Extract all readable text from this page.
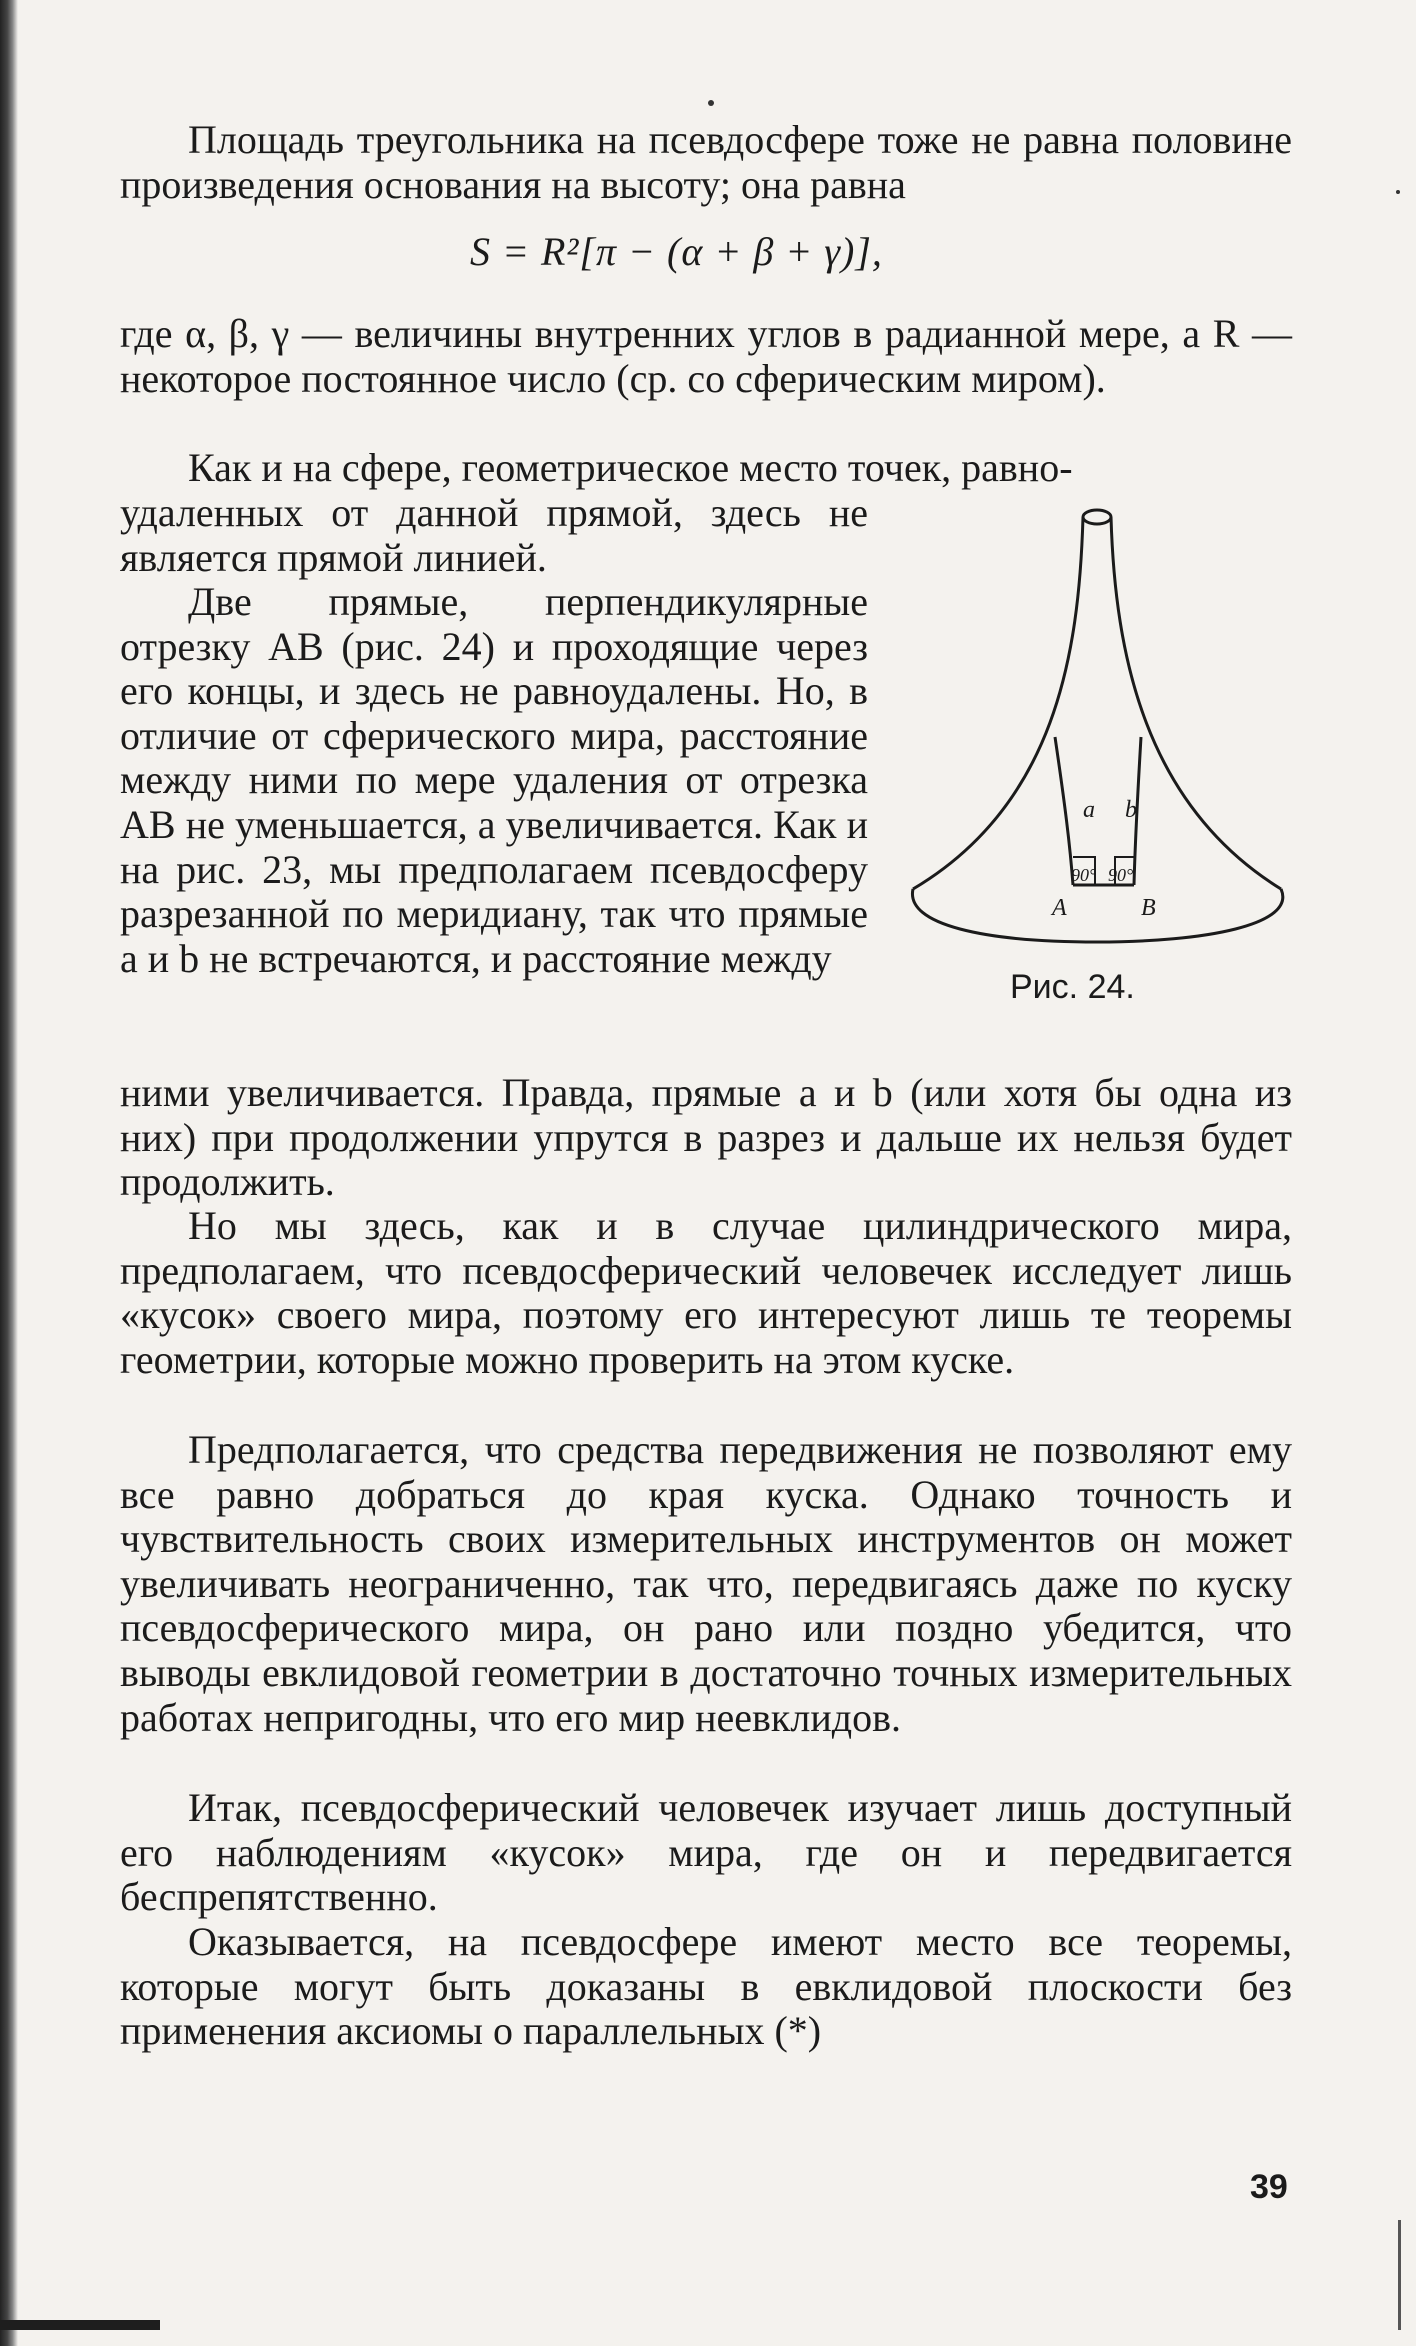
Площадь треугольника на псевдосфере тоже не равна половине произведения основания на высоту; она равна

S = R²[π − (α + β + γ)],

где α, β, γ — величины внутренних углов в радианной мере, а R — некоторое постоянное число (ср. со сферическим миром).

Как и на сфере, геометрическое место точек, равно-

удаленных от данной прямой, здесь не является прямой линией.

Две прямые, перпендикулярные отрезку AB (рис. 24) и проходящие через его концы, и здесь не равноудалены. Но, в отличие от сферического мира, расстояние между ними по мере удаления от отрезка AB не уменьшается, а увеличивается. Как и на рис. 23, мы предполагаем псевдосферу разрезанной по меридиану, так что прямые a и b не встречаются, и расстояние между

ними увеличивается. Правда, прямые a и b (или хотя бы одна из них) при продолжении упрутся в разрез и дальше их нельзя будет продолжить.

Но мы здесь, как и в случае цилиндрического мира, предполагаем, что псевдосферический человечек исследует лишь «кусок» своего мира, поэтому его интересуют лишь те теоремы геометрии, которые можно проверить на этом куске.

Предполагается, что средства передвижения не позволяют ему все равно добраться до края куска. Однако точность и чувствительность своих измерительных инструментов он может увеличивать неограниченно, так что, передвигаясь даже по куску псевдосферического мира, он рано или поздно убедится, что выводы евклидовой геометрии в достаточно точных измерительных работах непригодны, что его мир неевклидов.

Итак, псевдосферический человечек изучает лишь доступный его наблюдениям «кусок» мира, где он и передвигается беспрепятственно.

Оказывается, на псевдосфере имеют место все теоремы, которые могут быть доказаны в евклидовой плоскости без применения аксиомы о параллельных (*)

a b
A	B
90° 90°
Рис. 24.
39
